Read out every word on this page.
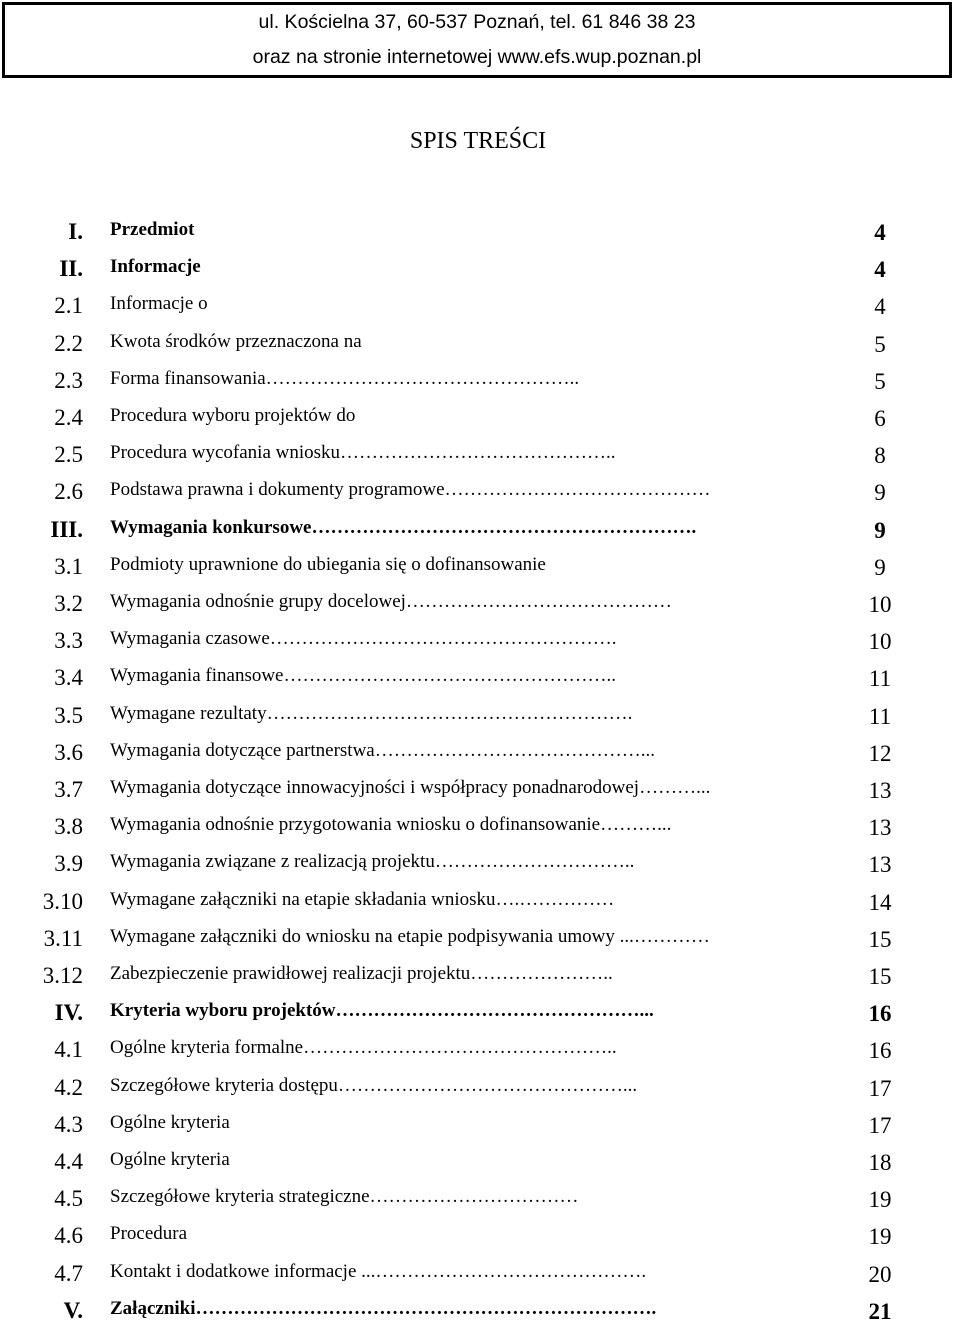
ul. Kościelna 37, 60-537 Poznań, tel. 61 846 38 23
oraz na stronie internetowej www.efs.wup.poznan.pl
SPIS TREŚCI
I. Przedmiot	4
II. Informacje	4
2.1 Informacje o	4
2.2 Kwota środków przeznaczona na	5
2.3 Forma finansowania…………………………………………..	5
2.4 Procedura wyboru projektów do	6
2.5 Procedura wycofania wniosku……………………………………..	8
2.6 Podstawa prawna i dokumenty programowe……………………………………	9
III. Wymagania konkursowe…………………………………………………….	9
3.1 Podmioty uprawnione do ubiegania się o dofinansowanie	9
3.2 Wymagania odnośnie grupy docelowej……………………………………	10
3.3 Wymagania czasowe……………………………………………….	10
3.4 Wymagania finansowe……………………………………………..	11
3.5 Wymagane rezultaty………………………………………………….	11
3.6 Wymagania dotyczące partnerstwa……………………………………...	12
3.7 Wymagania dotyczące innowacyjności i współpracy ponadnarodowej………...	13
3.8 Wymagania odnośnie przygotowania wniosku o dofinansowanie………...	13
3.9 Wymagania związane z realizacją projektu…………………………..	13
3.10 Wymagane załączniki na etapie składania wniosku….……………	14
3.11 Wymagane załączniki do wniosku na etapie podpisywania umowy ...…………	15
3.12 Zabezpieczenie prawidłowej realizacji projektu…………………..	15
IV. Kryteria wyboru projektów…………………………………………...	16
4.1 Ogólne kryteria formalne…………………………………………..	16
4.2 Szczegółowe kryteria dostępu………………………………………...	17
4.3 Ogólne kryteria	17
4.4 Ogólne kryteria	18
4.5 Szczegółowe kryteria strategiczne……………………………	19
4.6 Procedura	19
4.7 Kontakt i dodatkowe informacje ...…………………………………….	20
V. Załączniki……………………………………………………………….	21
